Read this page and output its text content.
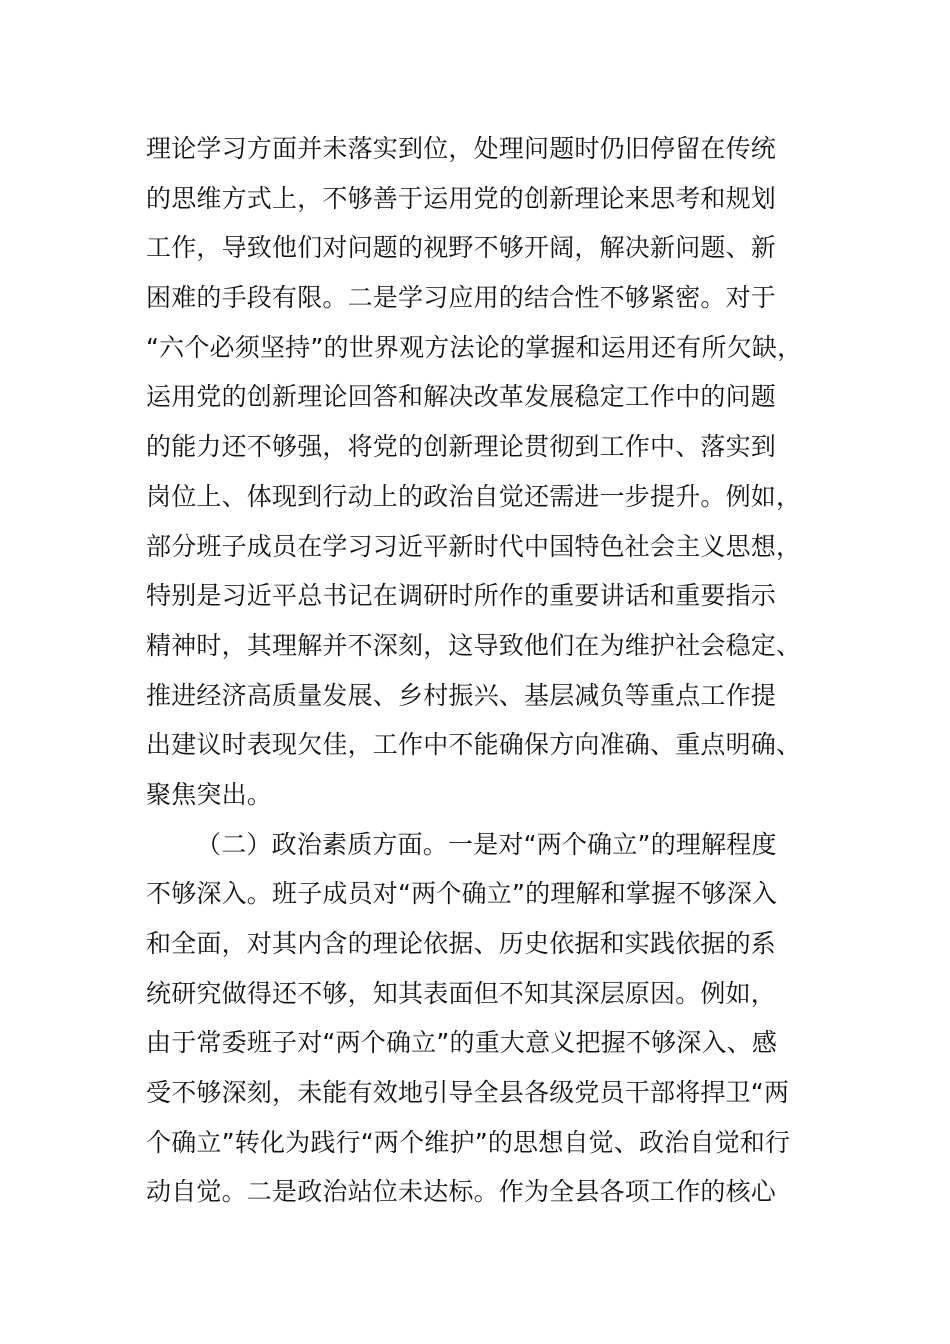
理论学习方面并未落实到位，处理问题时仍旧停留在传统
的思维方式上，不够善于运用党的创新理论来思考和规划
工作，导致他们对问题的视野不够开阔，解决新问题、新
困难的手段有限。二是学习应用的结合性不够紧密。对于
“六个必须坚持”的世界观方法论的掌握和运用还有所欠缺，
运用党的创新理论回答和解决改革发展稳定工作中的问题
的能力还不够强，将党的创新理论贯彻到工作中、落实到
岗位上、体现到行动上的政治自觉还需进一步提升。例如，
部分班子成员在学习习近平新时代中国特色社会主义思想，
特别是习近平总书记在调研时所作的重要讲话和重要指示
精神时，其理解并不深刻，这导致他们在为维护社会稳定、
推进经济高质量发展、乡村振兴、基层减负等重点工作提
出建议时表现欠佳，工作中不能确保方向准确、重点明确、
聚焦突出。
（二）政治素质方面。一是对“两个确立”的理解程度
不够深入。班子成员对“两个确立”的理解和掌握不够深入
和全面，对其内含的理论依据、历史依据和实践依据的系
统研究做得还不够，知其表面但不知其深层原因。例如，
由于常委班子对“两个确立”的重大意义把握不够深入、感
受不够深刻，未能有效地引导全县各级党员干部将捍卫“两
个确立”转化为践行“两个维护”的思想自觉、政治自觉和行
动自觉。二是政治站位未达标。作为全县各项工作的核心
